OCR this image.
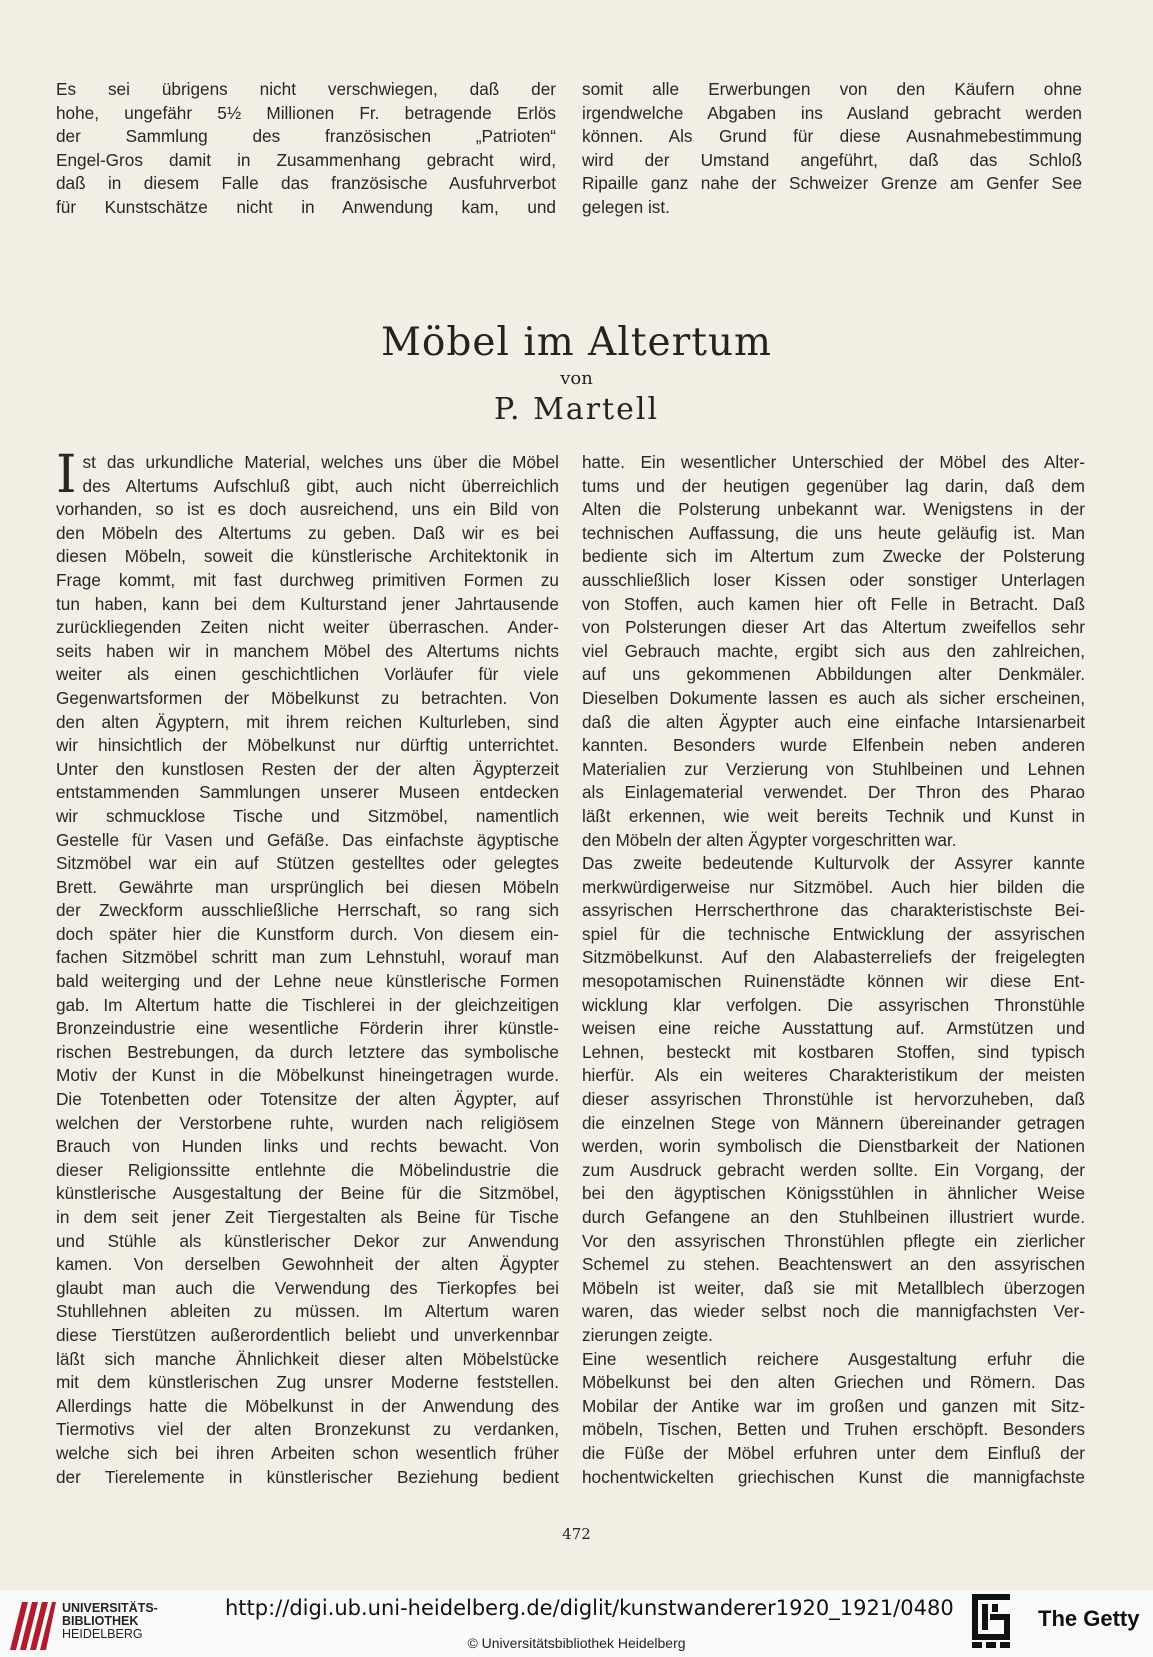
Es sei übrigens nicht verschwiegen, daß der
hohe, ungefähr 5½ Millionen Fr. betragende Erlös
der Sammlung des französischen „Patrioten“
Engel-Gros damit in Zusammenhang gebracht wird,
daß in diesem Falle das französische Ausfuhrverbot
für Kunstschätze nicht in Anwendung kam, und
somit alle Erwerbungen von den Käufern ohne
irgendwelche Abgaben ins Ausland gebracht werden
können. Als Grund für diese Ausnahmebestimmung
wird der Umstand angeführt, daß das Schloß
Ripaille ganz nahe der Schweizer Grenze am Genfer See
gelegen ist.
Möbel im Altertum
von
P. Martell
I st das urkundliche Material, welches uns über die Möbel
des Altertums Aufschluß gibt, auch nicht überreichlich
vorhanden, so ist es doch ausreichend, uns ein Bild von
den Möbeln des Altertums zu geben. Daß wir es bei
diesen Möbeln, soweit die künstlerische Architektonik in
Frage kommt, mit fast durchweg primitiven Formen zu
tun haben, kann bei dem Kulturstand jener Jahrtausende
zurückliegenden Zeiten nicht weiter überraschen. Ander-
seits haben wir in manchem Möbel des Altertums nichts
weiter als einen geschichtlichen Vorläufer für viele
Gegenwartsformen der Möbelkunst zu betrachten. Von
den alten Ägyptern, mit ihrem reichen Kulturleben, sind
wir hinsichtlich der Möbelkunst nur dürftig unterrichtet.
Unter den kunstlosen Resten der der alten Ägypterzeit
entstammenden Sammlungen unserer Museen entdecken
wir schmucklose Tische und Sitzmöbel, namentlich
Gestelle für Vasen und Gefäße. Das einfachste ägyptische
Sitzmöbel war ein auf Stützen gestelltes oder gelegtes
Brett. Gewährte man ursprünglich bei diesen Möbeln
der Zweckform ausschließliche Herrschaft, so rang sich
doch später hier die Kunstform durch. Von diesem ein-
fachen Sitzmöbel schritt man zum Lehnstuhl, worauf man
bald weiterging und der Lehne neue künstlerische Formen
gab. Im Altertum hatte die Tischlerei in der gleichzeitigen
Bronzeindustrie eine wesentliche Förderin ihrer künstle-
rischen Bestrebungen, da durch letztere das symbolische
Motiv der Kunst in die Möbelkunst hineingetragen wurde.
Die Totenbetten oder Totensitze der alten Ägypter, auf
welchen der Verstorbene ruhte, wurden nach religiösem
Brauch von Hunden links und rechts bewacht. Von
dieser Religionssitte entlehnte die Möbelindustrie die
künstlerische Ausgestaltung der Beine für die Sitzmöbel,
in dem seit jener Zeit Tiergestalten als Beine für Tische
und Stühle als künstlerischer Dekor zur Anwendung
kamen. Von derselben Gewohnheit der alten Ägypter
glaubt man auch die Verwendung des Tierkopfes bei
Stuhllehnen ableiten zu müssen. Im Altertum waren
diese Tierstützen außerordentlich beliebt und unverkennbar
läßt sich manche Ähnlichkeit dieser alten Möbelstücke
mit dem künstlerischen Zug unsrer Moderne feststellen.
Allerdings hatte die Möbelkunst in der Anwendung des
Tiermotivs viel der alten Bronzekunst zu verdanken,
welche sich bei ihren Arbeiten schon wesentlich früher
der Tierelemente in künstlerischer Beziehung bedient
hatte. Ein wesentlicher Unterschied der Möbel des Alter-
tums und der heutigen gegenüber lag darin, daß dem
Alten die Polsterung unbekannt war. Wenigstens in der
technischen Auffassung, die uns heute geläufig ist. Man
bediente sich im Altertum zum Zwecke der Polsterung
ausschließlich loser Kissen oder sonstiger Unterlagen
von Stoffen, auch kamen hier oft Felle in Betracht. Daß
von Polsterungen dieser Art das Altertum zweifellos sehr
viel Gebrauch machte, ergibt sich aus den zahlreichen,
auf uns gekommenen Abbildungen alter Denkmäler.
Dieselben Dokumente lassen es auch als sicher erscheinen,
daß die alten Ägypter auch eine einfache Intarsienarbeit
kannten. Besonders wurde Elfenbein neben anderen
Materialien zur Verzierung von Stuhlbeinen und Lehnen
als Einlagematerial verwendet. Der Thron des Pharao
läßt erkennen, wie weit bereits Technik und Kunst in
den Möbeln der alten Ägypter vorgeschritten war.
Das zweite bedeutende Kulturvolk der Assyrer kannte
merkwürdigerweise nur Sitzmöbel. Auch hier bilden die
assyrischen Herrscherthrone das charakteristischste Bei-
spiel für die technische Entwicklung der assyrischen
Sitzmöbelkunst. Auf den Alabasterreliefs der freigelegten
mesopotamischen Ruinenstädte können wir diese Ent-
wicklung klar verfolgen. Die assyrischen Thronstühle
weisen eine reiche Ausstattung auf. Armstützen und
Lehnen, besteckt mit kostbaren Stoffen, sind typisch
hierfür. Als ein weiteres Charakteristikum der meisten
dieser assyrischen Thronstühle ist hervorzuheben, daß
die einzelnen Stege von Männern übereinander getragen
werden, worin symbolisch die Dienstbarkeit der Nationen
zum Ausdruck gebracht werden sollte. Ein Vorgang, der
bei den ägyptischen Königsstühlen in ähnlicher Weise
durch Gefangene an den Stuhlbeinen illustriert wurde.
Vor den assyrischen Thronstühlen pflegte ein zierlicher
Schemel zu stehen. Beachtenswert an den assyrischen
Möbeln ist weiter, daß sie mit Metallblech überzogen
waren, das wieder selbst noch die mannigfachsten Ver-
zierungen zeigte.
Eine wesentlich reichere Ausgestaltung erfuhr die
Möbelkunst bei den alten Griechen und Römern. Das
Mobilar der Antike war im großen und ganzen mit Sitz-
möbeln, Tischen, Betten und Truhen erschöpft. Besonders
die Füße der Möbel erfuhren unter dem Einfluß der
hochentwickelten griechischen Kunst die mannigfachste
472
UNIVERSITÄTS-
BIBLIOTHEK
HEIDELBERG
http://digi.ub.uni-heidelberg.de/diglit/kunstwanderer1920_1921/0480
© Universitätsbibliothek Heidelberg
The Getty
